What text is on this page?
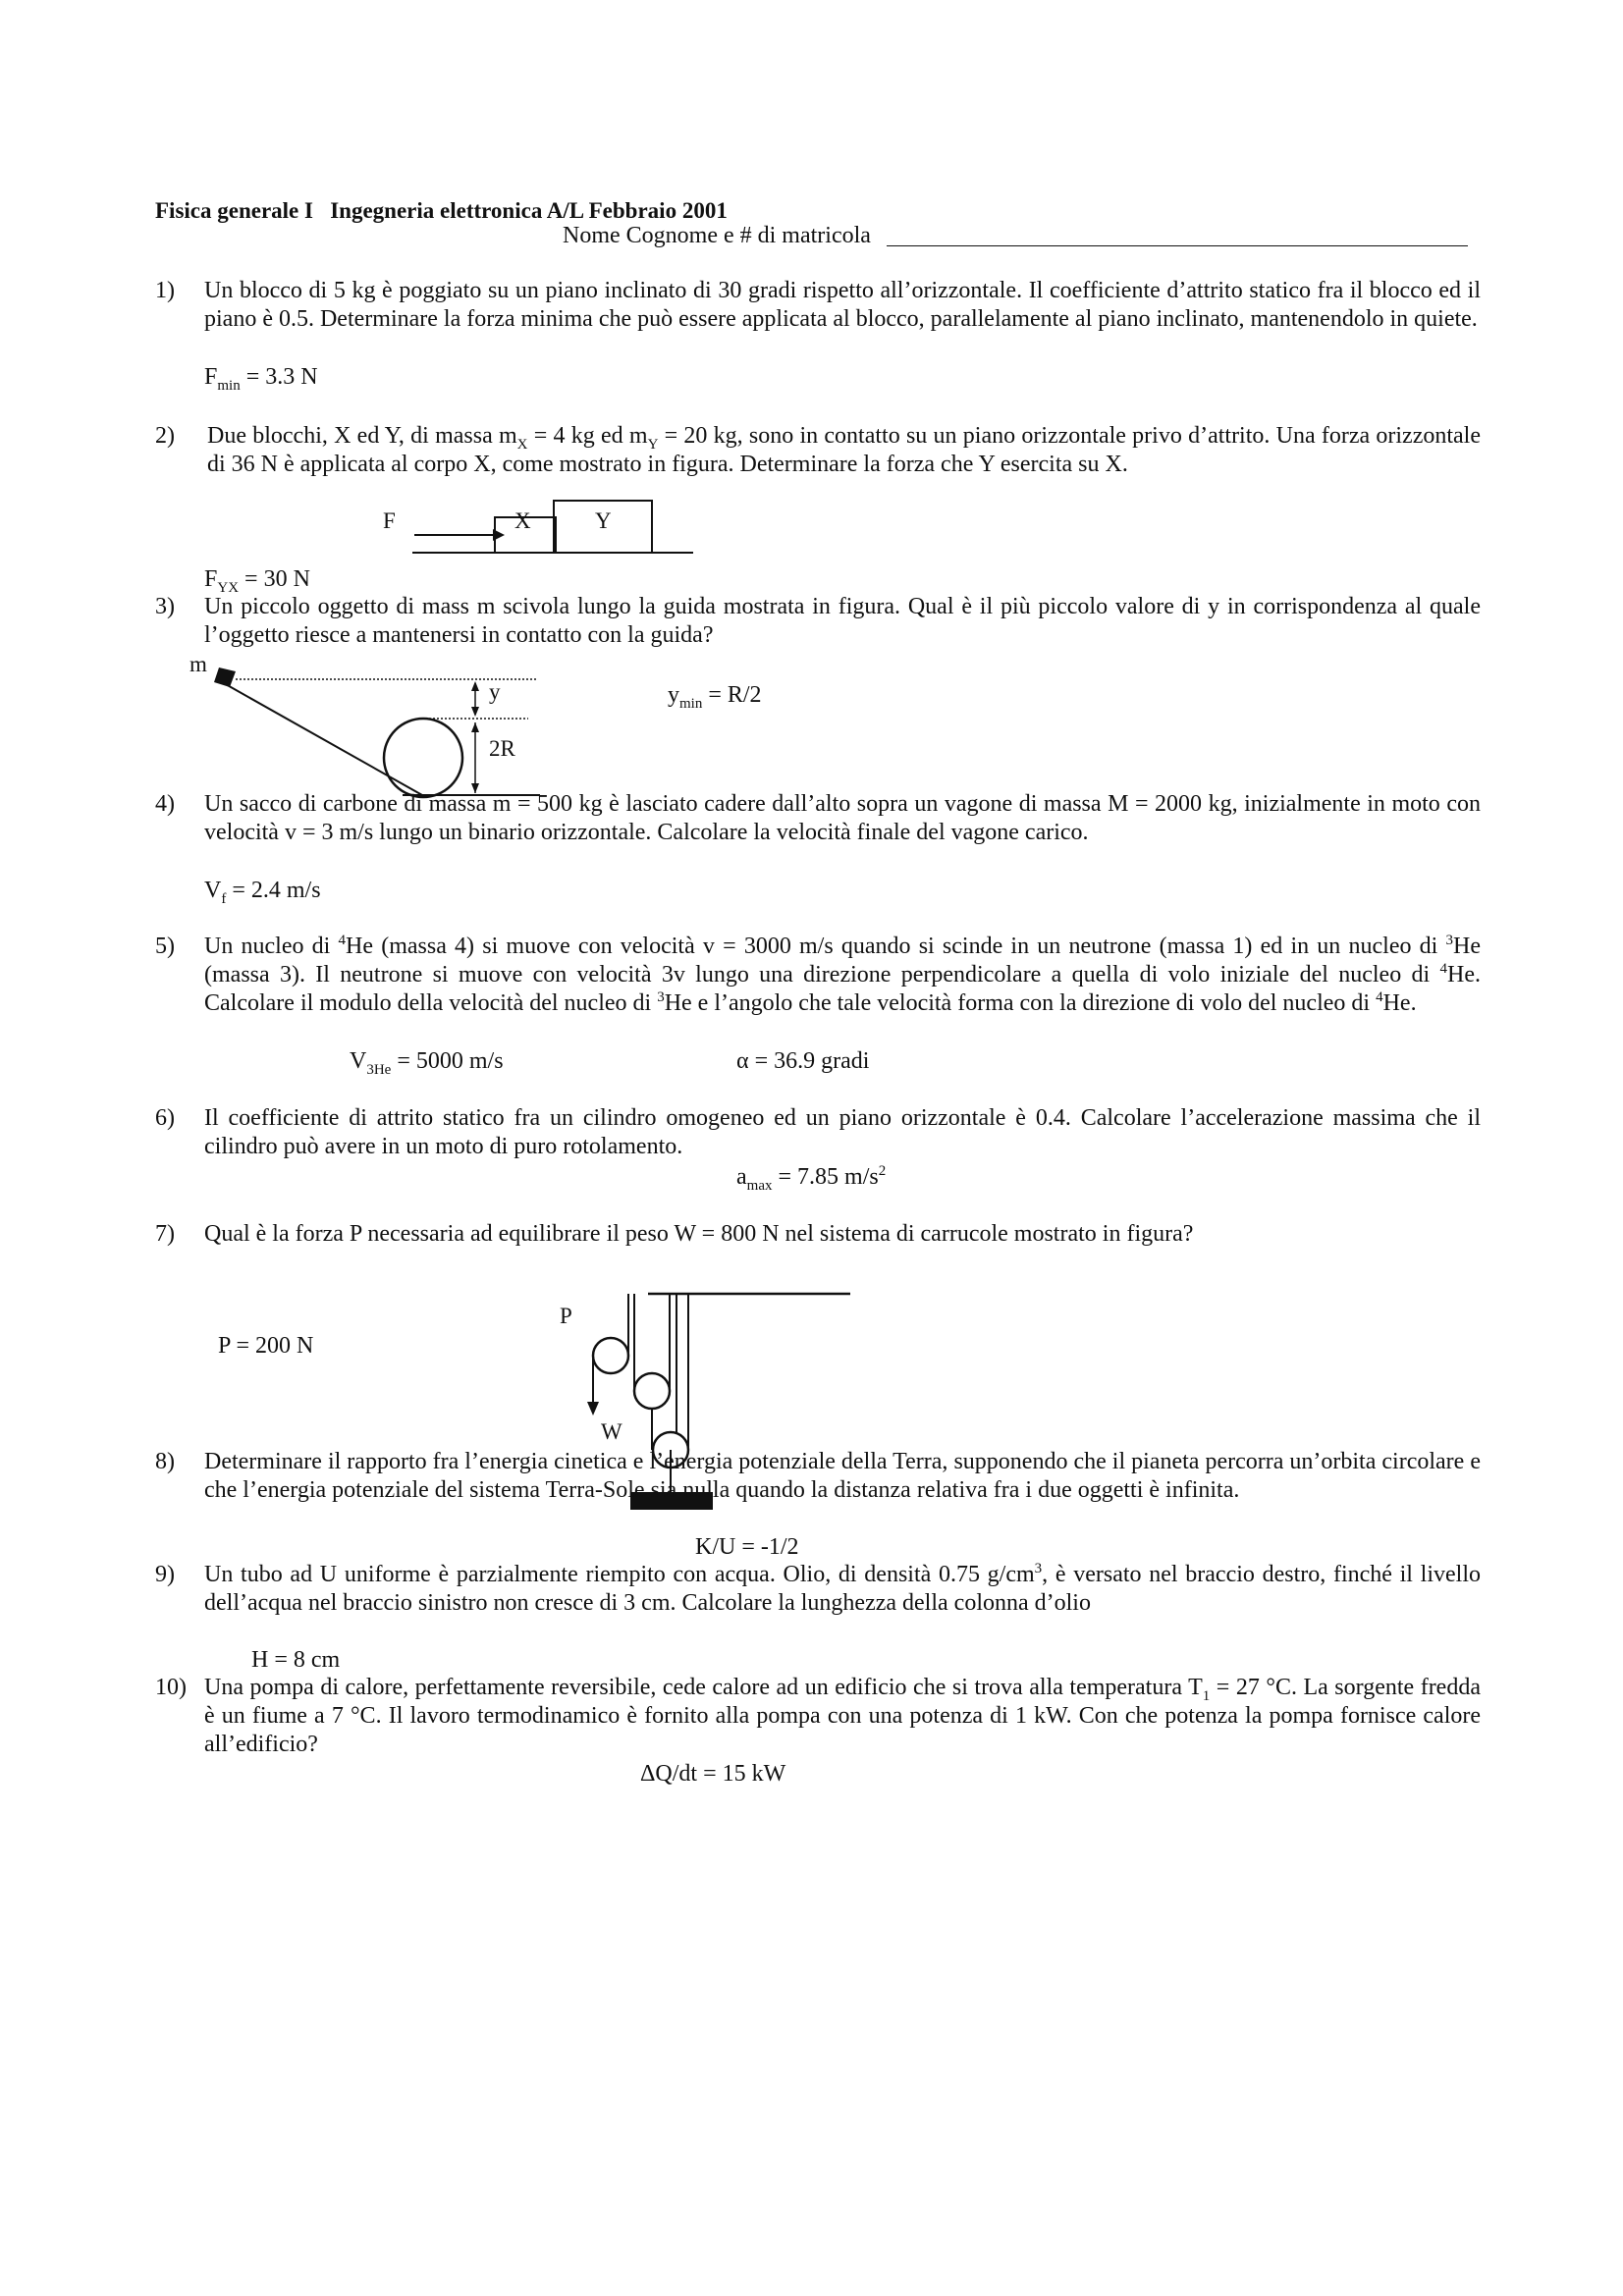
Fisica generale I Ingegneria elettronica A/L Febbraio 2001
Nome Cognome e # di matricola
1)	Un blocco di 5 kg è poggiato su un piano inclinato di 30 gradi rispetto all’orizzontale. Il coefficiente d’attrito statico fra il blocco ed il piano è 0.5. Determinare la forza minima che può essere applicata al blocco, parallelamente al piano inclinato, mantenendolo in quiete.
$F_{min} = 3.3$ N
2)	Due blocchi, X ed Y, di massa $m_X = 4$ kg ed $m_Y = 20$ kg, sono in contatto su un piano orizzontale privo d’attrito. Una forza orizzontale di 36 N è applicata al corpo X, come mostrato in figura. Determinare la forza che Y esercita su X.
F	X	Y
$F_{YX} = 30$ N
3)	Un piccolo oggetto di mass m scivola lungo la guida mostrata in figura. Qual è il più piccolo valore di y in corrispondenza al quale l’oggetto riesce a mantenersi in contatto con la guida?
m
y
2R
$y_{min} = R/2$
4)	Un sacco di carbone di massa m = 500 kg è lasciato cadere dall’alto sopra un vagone di massa M = 2000 kg, inizialmente in moto con velocità v = 3 m/s lungo un binario orizzontale. Calcolare la velocità finale del vagone carico.
$V_f = 2.4$ m/s
5)	Un nucleo di $^4$He (massa 4) si muove con velocità v = 3000 m/s quando si scinde in un neutrone (massa 1) ed in un nucleo di $^3$He (massa 3). Il neutrone si muove con velocità 3v lungo una direzione perpendicolare a quella di volo iniziale del nucleo di $^4$He. Calcolare il modulo della velocità del nucleo di $^3$He e l’angolo che tale velocità forma con la direzione di volo del nucleo di $^4$He.
$V_{3He} = 5000$ m/s	α = 36.9 gradi
6)	Il coefficiente di attrito statico fra un cilindro omogeneo ed un piano orizzontale è 0.4. Calcolare l’accelerazione massima che il cilindro può avere in un moto di puro rotolamento.
$a_{max} = 7.85$ $m/s^2$
7)	Qual è la forza P necessaria ad equilibrare il peso W = 800 N nel sistema di carrucole mostrato in figura?
P = 200 N
P
W
8)	Determinare il rapporto fra l’energia cinetica e l’energia potenziale della Terra, supponendo che il pianeta percorra un’orbita circolare e che l’energia potenziale del sistema Terra-Sole sia nulla quando la distanza relativa fra i due oggetti è infinita.
K/U = -1/2
9)	Un tubo ad U uniforme è parzialmente riempito con acqua. Olio, di densità 0.75 $g/cm^3$, è versato nel braccio destro, finché il livello dell’acqua nel braccio sinistro non cresce di 3 cm. Calcolare la lunghezza della colonna d’olio
H = 8 cm
10) Una pompa di calore, perfettamente reversibile, cede calore ad un edificio che si trova alla temperatura $T_1 = 27$ °C. La sorgente fredda è un fiume a 7 °C. Il lavoro termodinamico è fornito alla pompa con una potenza di 1 kW. Con che potenza la pompa fornisce calore all’edificio?
ΔQ/dt = 15 kW
